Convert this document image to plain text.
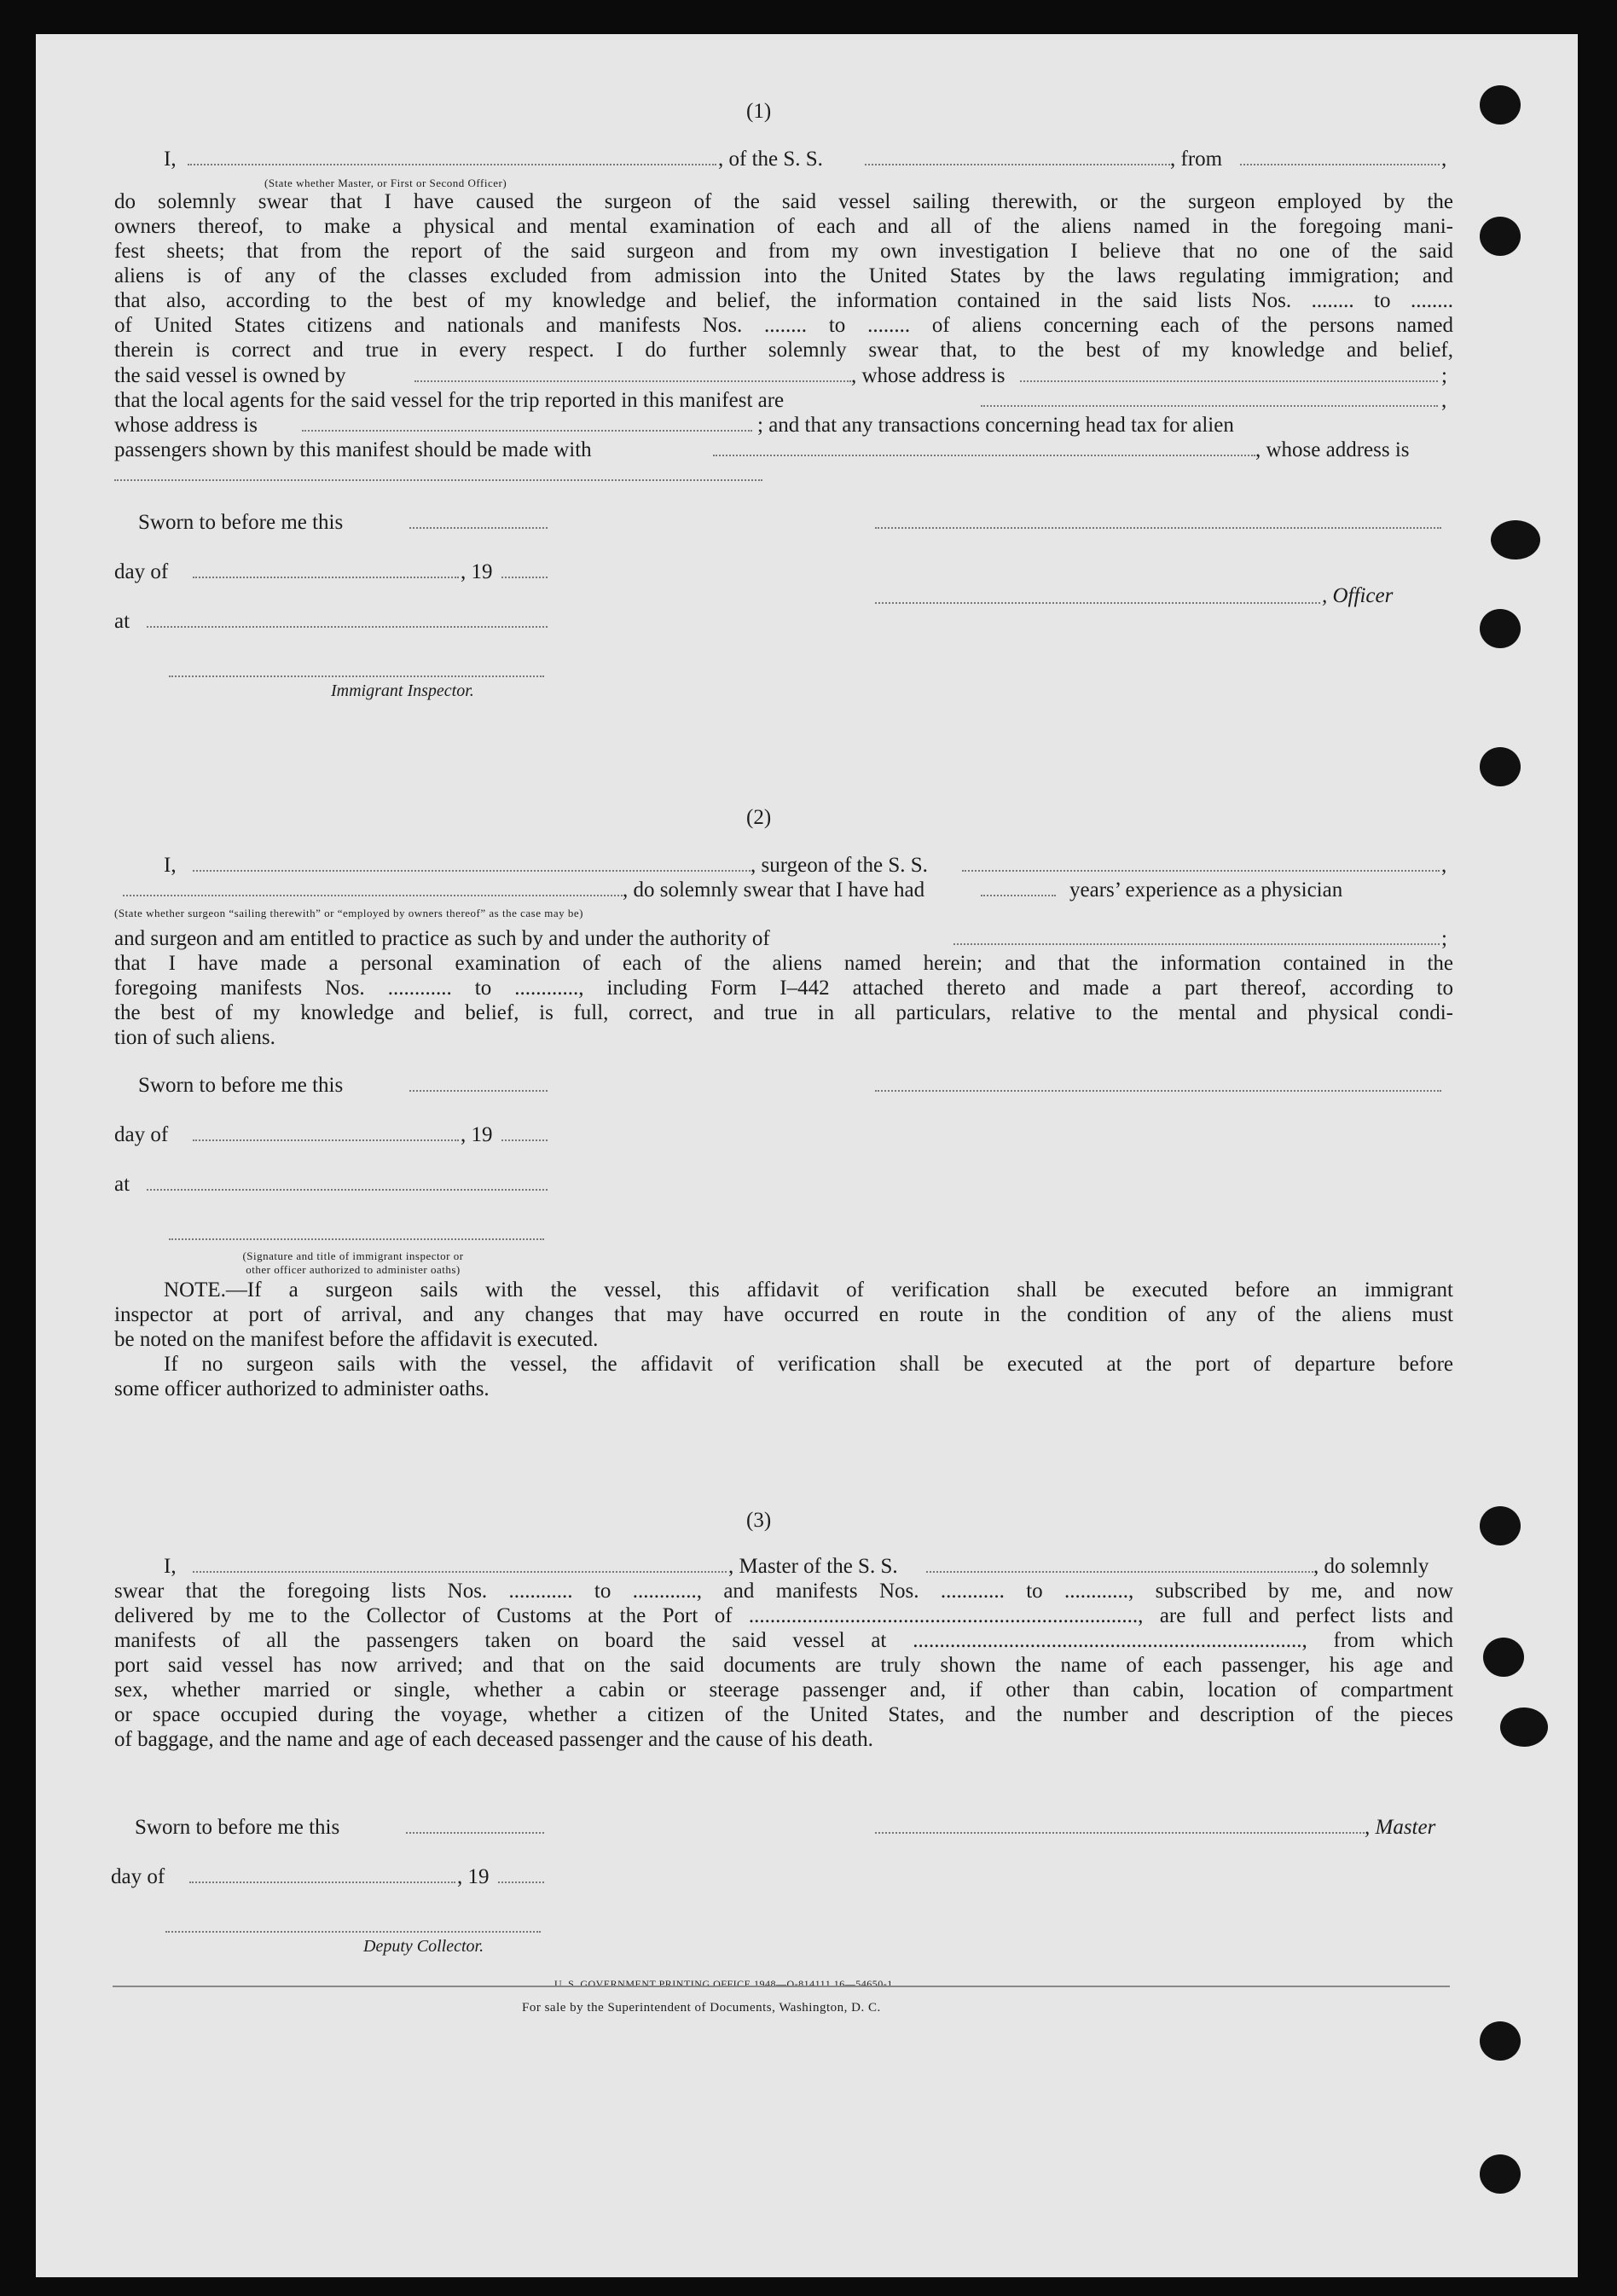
(1)
I,	, of the S. S.	, from	,
(State whether Master, or First or Second Officer)
do solemnly swear that I have caused the surgeon of the said vessel sailing therewith, or the surgeon employed by the
owners thereof, to make a physical and mental examination of each and all of the aliens named in the foregoing mani-
fest sheets; that from the report of the said surgeon and from my own investigation I believe that no one of the said
aliens is of any of the classes excluded from admission into the United States by the laws regulating immigration; and
that also, according to the best of my knowledge and belief, the information contained in the said lists Nos. ........ to ........
of United States citizens and nationals and manifests Nos. ........ to ........ of aliens concerning each of the persons named
therein is correct and true in every respect. I do further solemnly swear that, to the best of my knowledge and belief,
the said vessel is owned by	, whose address is	;
that the local agents for the said vessel for the trip reported in this manifest are	,
whose address is	; and that any transactions concerning head tax for alien
passengers shown by this manifest should be made with	, whose address is
Sworn to before me this
day of	, 19
, Officer
at
Immigrant Inspector.
(2)
I,	, surgeon of the S. S.	,
, do solemnly swear that I have had	years’ experience as a physician
(State whether surgeon “sailing therewith” or “employed by owners thereof” as the case may be)
and surgeon and am entitled to practice as such by and under the authority of	;
that I have made a personal examination of each of the aliens named herein; and that the information contained in the
foregoing manifests Nos. ............ to ............, including Form I–442 attached thereto and made a part thereof, according to
the best of my knowledge and belief, is full, correct, and true in all particulars, relative to the mental and physical condi-
tion of such aliens.
Sworn to before me this
day of	, 19
at
(Signature and title of immigrant inspector or
other officer authorized to administer oaths)
NOTE.—If a surgeon sails with the vessel, this affidavit of verification shall be executed before an immigrant
inspector at port of arrival, and any changes that may have occurred en route in the condition of any of the aliens must
be noted on the manifest before the affidavit is executed.
If no surgeon sails with the vessel, the affidavit of verification shall be executed at the port of departure before
some officer authorized to administer oaths.
(3)
I,	, Master of the S. S.	, do solemnly
swear that the foregoing lists Nos. ............ to ............, and manifests Nos. ............ to ............, subscribed by me, and now
delivered by me to the Collector of Customs at the Port of ........................................................................., are full and perfect lists and
manifests of all the passengers taken on board the said vessel at ........................................................................., from which
port said vessel has now arrived; and that on the said documents are truly shown the name of each passenger, his age and
sex, whether married or single, whether a cabin or steerage passenger and, if other than cabin, location of compartment
or space occupied during the voyage, whether a citizen of the United States, and the number and description of the pieces
of baggage, and the name and age of each deceased passenger and the cause of his death.
Sworn to before me this	, Master
day of	, 19
Deputy Collector.
U. S. GOVERNMENT PRINTING OFFICE 1948—O-814111 16—54650-1
For sale by the Superintendent of Documents, Washington, D. C.
